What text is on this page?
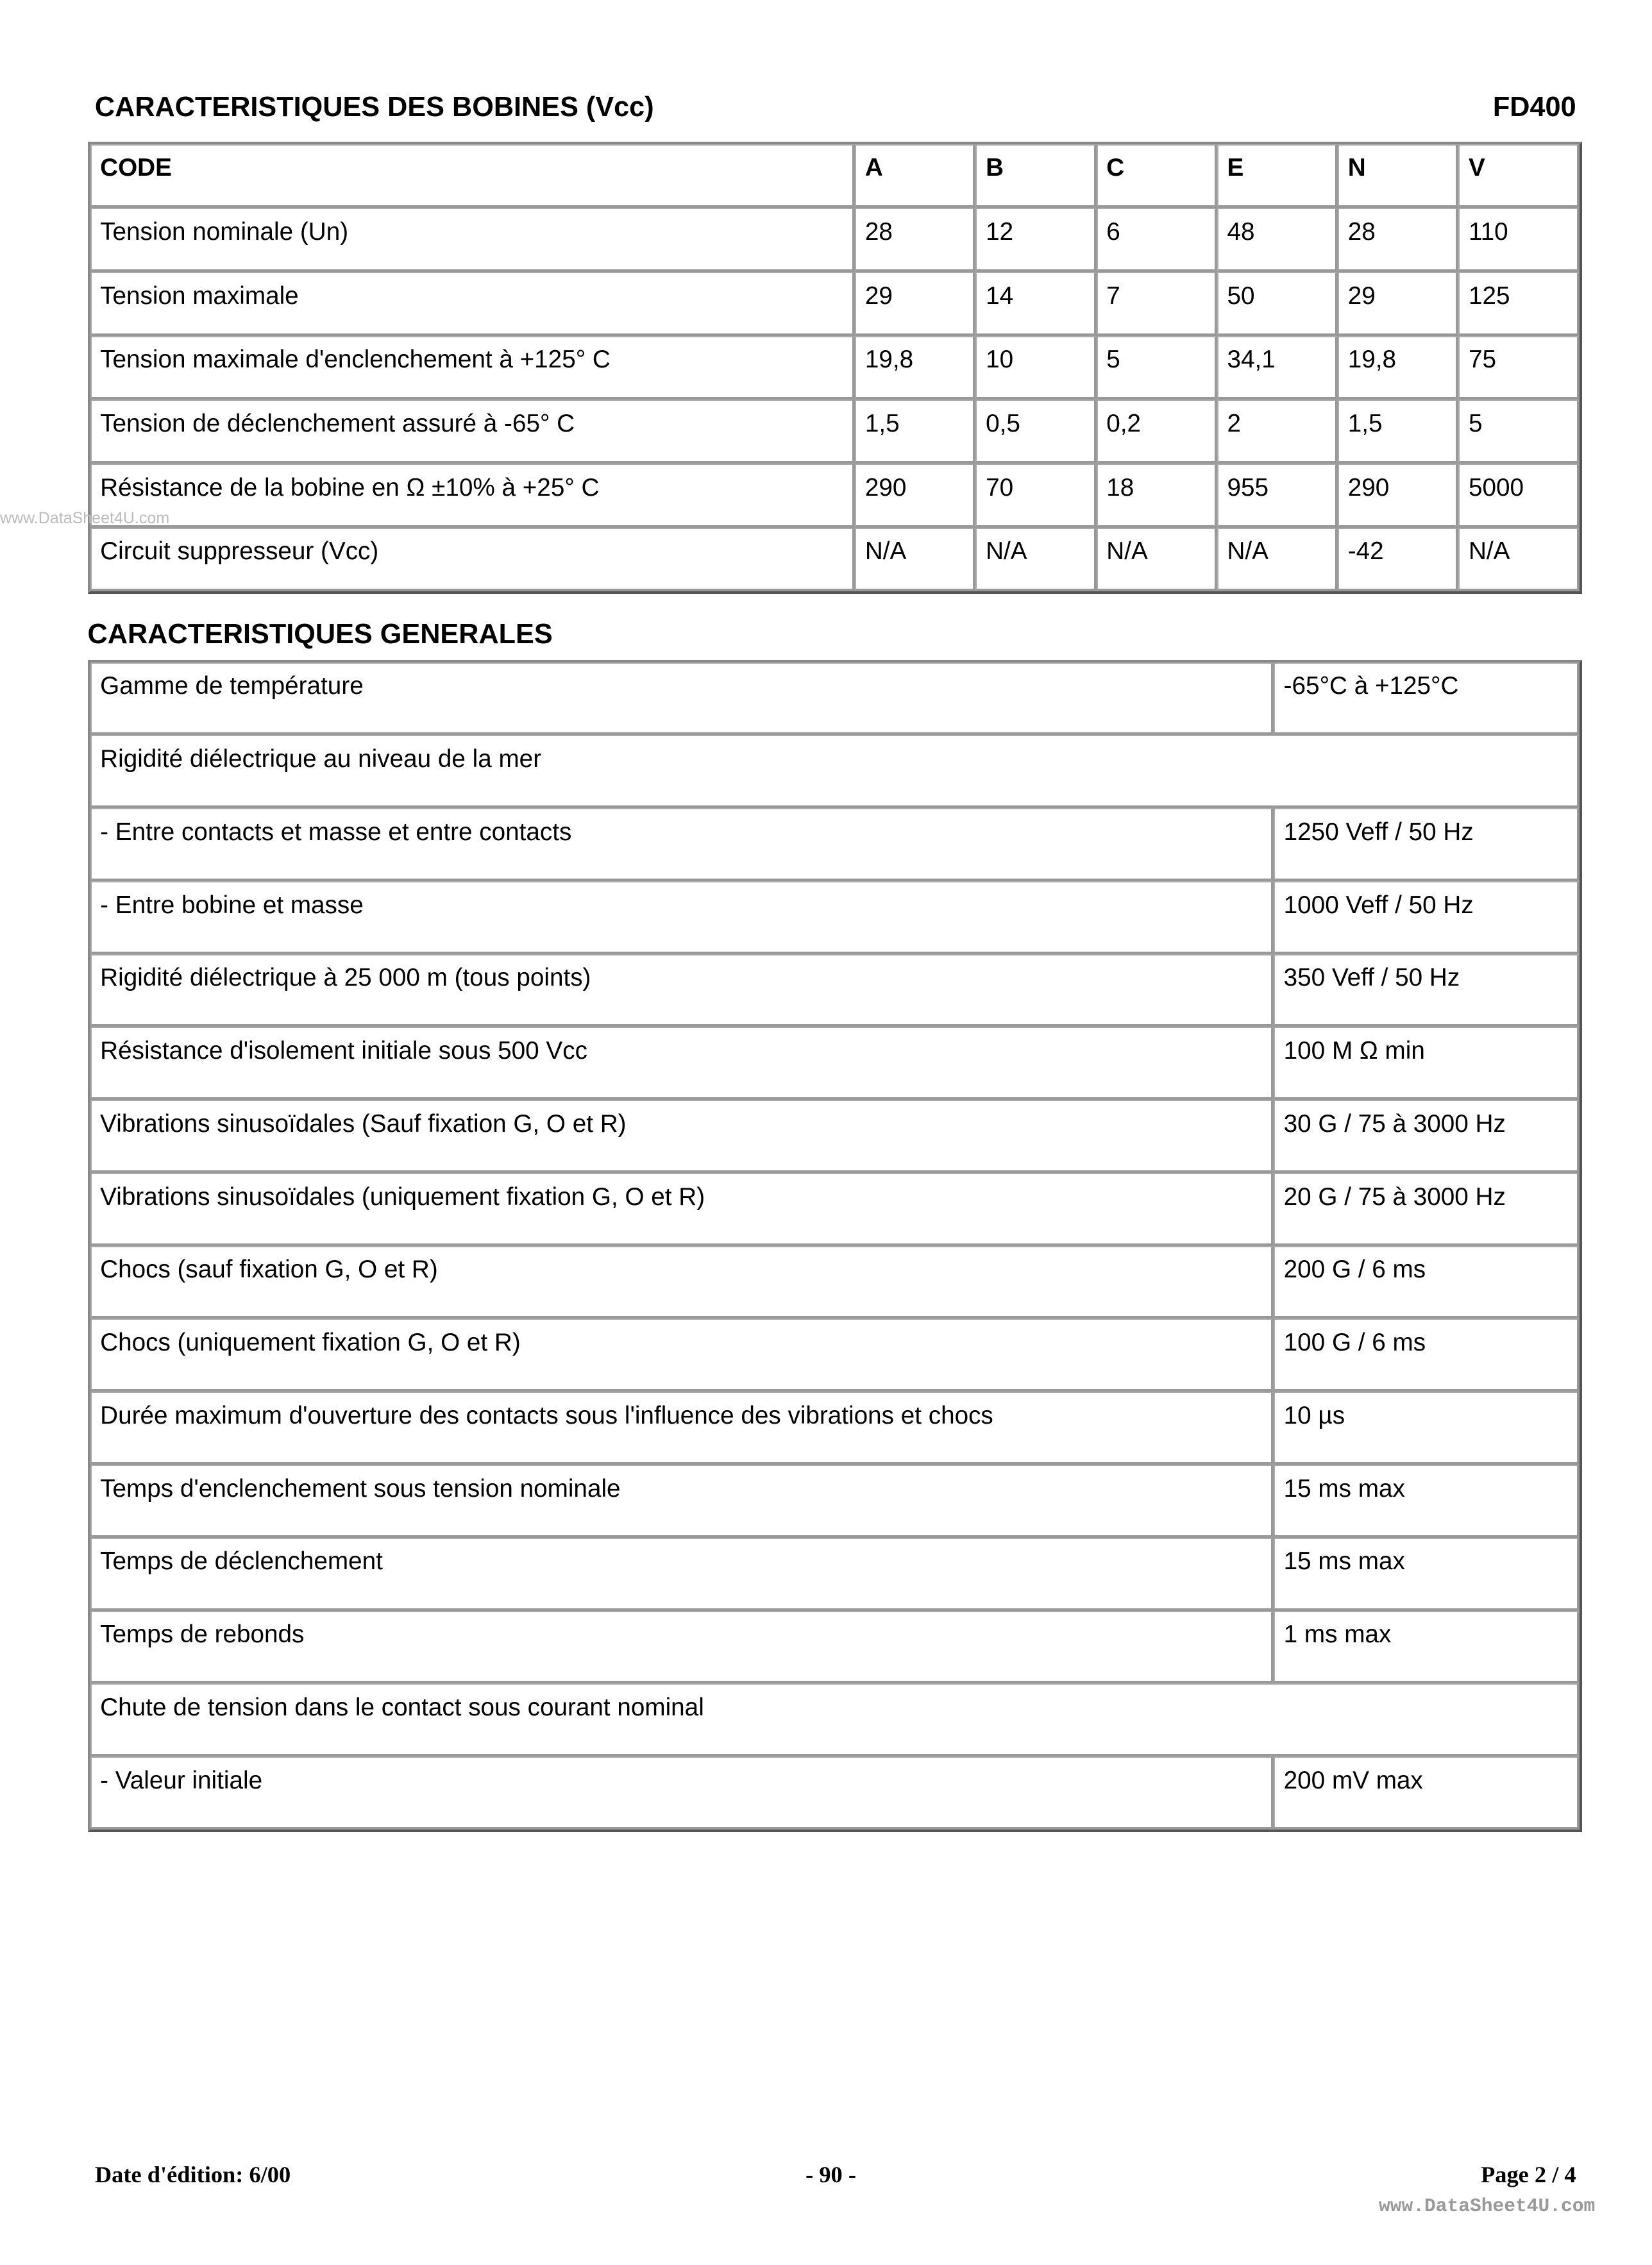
CARACTERISTIQUES DES BOBINES (Vcc)	FD400
CODE	A	B	C	E	N	V
Tension nominale (Un)	28	12	6	48	28	110
Tension maximale	29	14	7	50	29	125
Tension maximale d'enclenchement à +125° C	19,8	10	5	34,1	19,8	75
Tension de déclenchement assuré à -65° C	1,5	0,5	0,2	2	1,5	5
Résistance de la bobine en Ω ±10% à +25° C	290	70	18	955	290	5000
Circuit suppresseur (Vcc)	N/A	N/A	N/A	N/A	-42	N/A
www.DataSheet4U.com
CARACTERISTIQUES GENERALES
Gamme de température	-65°C à +125°C
Rigidité diélectrique au niveau de la mer	
- Entre contacts et masse et entre contacts	1250 Veff / 50 Hz
- Entre bobine et masse	1000 Veff / 50 Hz
Rigidité diélectrique à 25 000 m (tous points)	350 Veff / 50 Hz
Résistance d'isolement initiale sous 500 Vcc	100 M Ω min
Vibrations sinusoïdales (Sauf fixation G, O et R)	30 G / 75 à 3000 Hz
Vibrations sinusoïdales (uniquement fixation G, O et R)	20 G / 75 à 3000 Hz
Chocs (sauf fixation G, O et R)	200 G / 6 ms
Chocs (uniquement fixation G, O et R)	100 G / 6 ms
Durée maximum d'ouverture des contacts sous l'influence des vibrations et chocs	10 µs
Temps d'enclenchement sous tension nominale	15 ms max
Temps de déclenchement	15 ms max
Temps de rebonds	1 ms max
Chute de tension dans le contact sous courant nominal	
- Valeur initiale	200 mV max
Date d'édition: 6/00	- 90 -	Page 2 / 4
www.DataSheet4U.com
